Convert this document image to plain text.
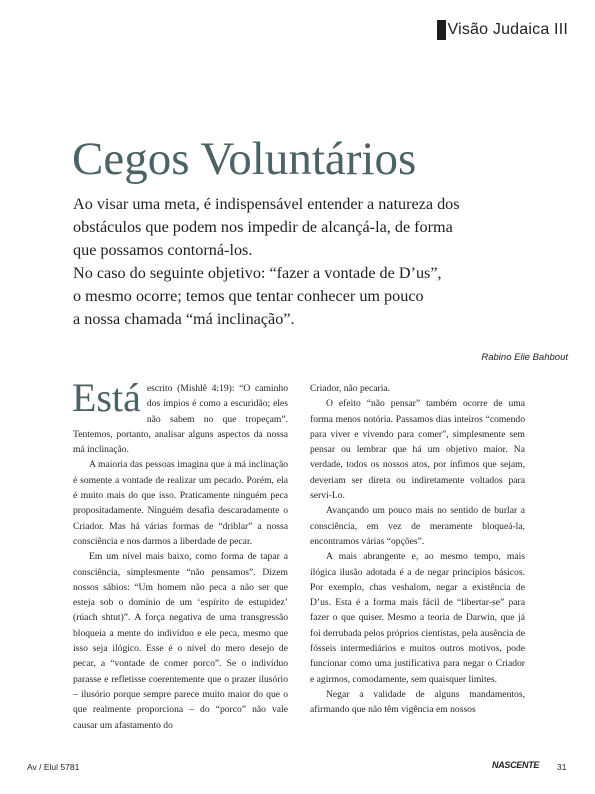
Visão Judaica III
Cegos Voluntários
Ao visar uma meta, é indispensável entender a natureza dos
obstáculos que podem nos impedir de alcançá-la, de forma
que possamos contorná-los.
No caso do seguinte objetivo: “fazer a vontade de D’us”,
o mesmo ocorre; temos que tentar conhecer um pouco
a nossa chamada “má inclinação”.
Rabino Elie Bahbout

Está escrito (Mishlê 4:19): “O caminho dos ímpios é como a escuridão; eles não sabem no que tropeçam”. Tentemos, portanto, analisar alguns aspectos da nossa má inclinação.

A maioria das pessoas imagina que a má inclinação é somente a vontade de realizar um pecado. Porém, ela é muito mais do que isso. Praticamente ninguém peca propositadamente. Ninguém desafia descaradamente o Criador. Mas há várias formas de “driblar” a nossa consciência e nos darmos a liberdade de pecar.

Em um nível mais baixo, como forma de tapar a consciência, simplesmente “não pensamos”. Dizem nossos sábios: “Um homem não peca a não ser que esteja sob o domínio de um ‘espírito de estupidez’ (rúach shtut)”. A força negativa de uma transgressão bloqueia a mente do indivíduo e ele peca, mesmo que isso seja ilógico. Esse é o nível do mero desejo de pecar, a “vontade de comer porco”. Se o indivíduo parasse e refletisse coerentemente que o prazer ilusório – ilusório porque sempre parece muito maior do que o que realmente proporciona – do “porco” não vale causar um afastamento do

Criador, não pecaria.

O efeito “não pensar” também ocorre de uma forma menos notória. Passamos dias inteiros “comendo para viver e vivendo para comer”, simplesmente sem pensar ou lembrar que há um objetivo maior. Na verdade, todos os nossos atos, por ínfimos que sejam, deveriam ser direta ou indiretamente voltados para servi-Lo.

Avançando um pouco mais no sentido de burlar a consciência, em vez de meramente bloqueá-la, encontramos várias “opções”.

A mais abrangente e, ao mesmo tempo, mais ilógica ilusão adotada é a de negar princípios básicos. Por exemplo, chas veshalom, negar a existência de D’us. Esta é a forma mais fácil de “libertar-se” para fazer o que quiser. Mesmo a teoria de Darwin, que já foi derrubada pelos próprios cientistas, pela ausência de fósseis intermediários e muitos outros motivos, pode funcionar como uma justificativa para negar o Criador e agirmos, comodamente, sem quaisquer limites.

Negar a validade de alguns mandamentos, afirmando que não têm vigência em nossos

Av / Elul 5781	NASCENTE 31
